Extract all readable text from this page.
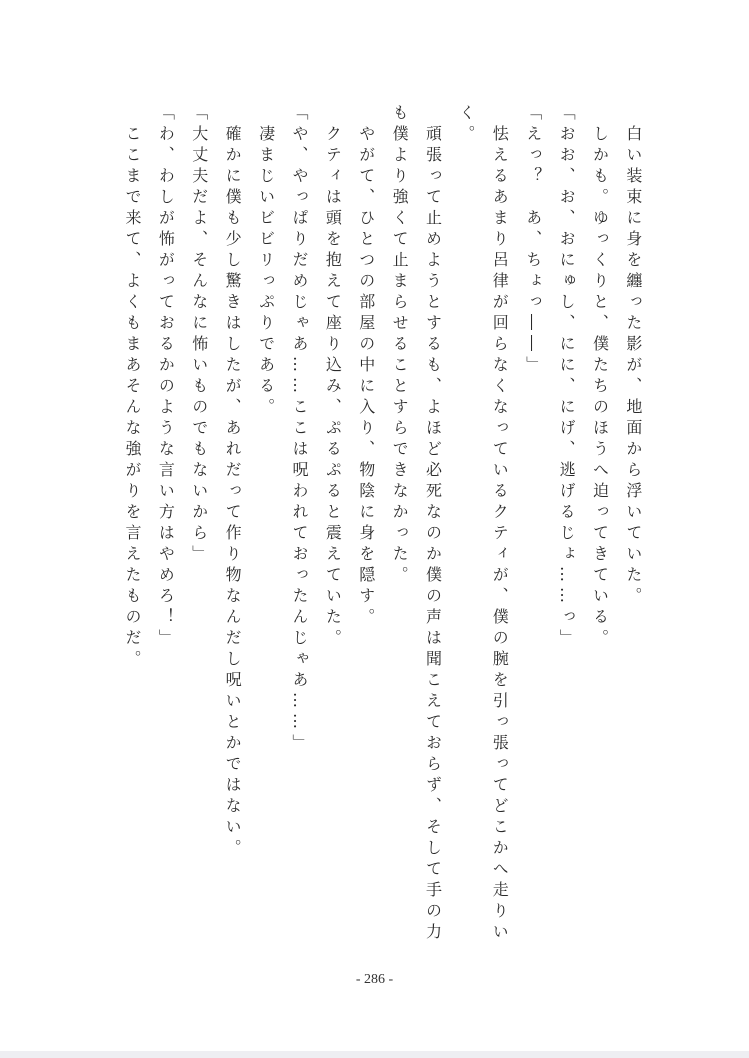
白い装束に身を纏った影が、地面から浮いていた。
しかも。ゆっくりと、僕たちのほうへ迫ってきている。
「おお、お、おにゅし、にに、にげ、逃げるじょ……っ」
「えっ？　あ、ちょっ――」
怯えるあまり呂律が回らなくなっているクティが、僕の腕を引っ張ってどこかへ走りい
く。
頑張って止めようとするも、よほど必死なのか僕の声は聞こえておらず、そして手の力
も僕より強くて止まらせることすらできなかった。
やがて、ひとつの部屋の中に入り、物陰に身を隠す。
クティは頭を抱えて座り込み、ぷるぷると震えていた。
「や、やっぱりだめじゃあ……ここは呪われておったんじゃあ……」
凄まじいビビリっぷりである。
確かに僕も少し驚きはしたが、あれだって作り物なんだし呪いとかではない。
「大丈夫だよ、そんなに怖いものでもないから」
「わ、わしが怖がっておるかのような言い方はやめろ！」
ここまで来て、よくもまあそんな強がりを言えたものだ。
- 286 -
